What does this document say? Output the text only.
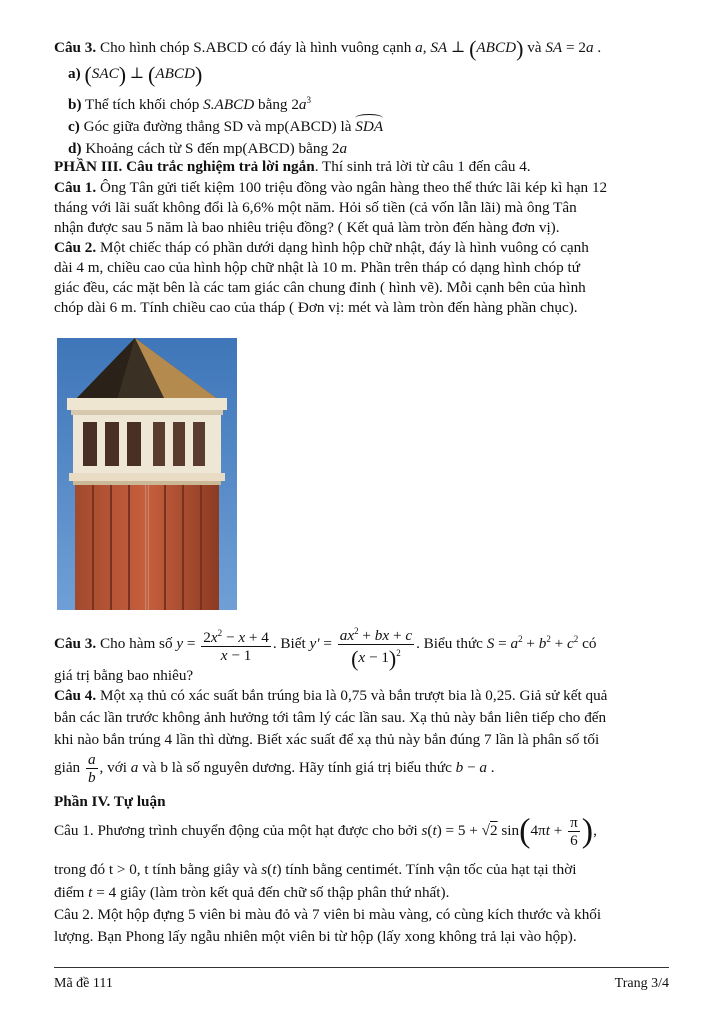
Câu 3. Cho hình chóp S.ABCD có đáy là hình vuông cạnh a, SA ⊥ (ABCD) và SA = 2a .
a) (SAC) ⊥ (ABCD)
b) Thể tích khối chóp S.ABCD bằng $2a^3$
c) Góc giữa đường thẳng SD và mp(ABCD) là SDA
d) Khoảng cách từ S đến mp(ABCD) bằng 2a
PHẦN III. Câu trắc nghiệm trả lời ngắn. Thí sinh trả lời từ câu 1 đến câu 4.
Câu 1. Ông Tân gửi tiết kiệm 100 triệu đồng vào ngân hàng theo thể thức lãi kép kì hạn 12
tháng với lãi suất không đổi là 6,6% một năm. Hỏi số tiền (cả vốn lẫn lãi) mà ông Tân
nhận được sau 5 năm là bao nhiêu triệu đồng? ( Kết quả làm tròn đến hàng đơn vị).
Câu 2. Một chiếc tháp có phần dưới dạng hình hộp chữ nhật, đáy là hình vuông có cạnh
dài 4 m, chiều cao của hình hộp chữ nhật là 10 m. Phần trên tháp có dạng hình chóp tứ
giác đều, các mặt bên là các tam giác cân chung đỉnh ( hình vẽ). Mỗi cạnh bên của hình
chóp dài 6 m. Tính chiều cao của tháp ( Đơn vị: mét và làm tròn đến hàng phần chục).
Câu 3. Cho hàm số $y = \frac{2x^2 - x + 4}{x - 1}$ . Biết $y' = \frac{ax^2 + bx + c}{(x - 1)^2}$ . Biểu thức $S = a^2 + b^2 + c^2$ có
giá trị bằng bao nhiêu?
Câu 4. Một xạ thủ có xác suất bắn trúng bia là 0,75 và bắn trượt bia là 0,25. Giả sử kết quả
bắn các lần trước không ảnh hưởng tới tâm lý các lần sau. Xạ thủ này bắn liên tiếp cho đến
khi nào bắn trúng 4 lần thì dừng. Biết xác suất để xạ thủ này bắn đúng 7 lần là phân số tối
giản $\frac{a}{b}$ , với a và b là số nguyên dương. Hãy tính giá trị biểu thức b − a .
Phần IV. Tự luận
Câu 1. Phương trình chuyển động của một hạt được cho bởi s(t) = 5 + √2 $\sin(4\pi t + \frac{\pi}{6}$ ),
trong đó t > 0, t tính bằng giây và s(t) tính bằng centimét. Tính vận tốc của hạt tại thời
điểm t = 4 giây (làm tròn kết quả đến chữ số thập phân thứ nhất).
Câu 2. Một hộp đựng 5 viên bi màu đỏ và 7 viên bi màu vàng, có cùng kích thước và khối
lượng. Bạn Phong lấy ngẫu nhiên một viên bi từ hộp (lấy xong không trả lại vào hộp).
Mã đề 111	Trang 3/4
